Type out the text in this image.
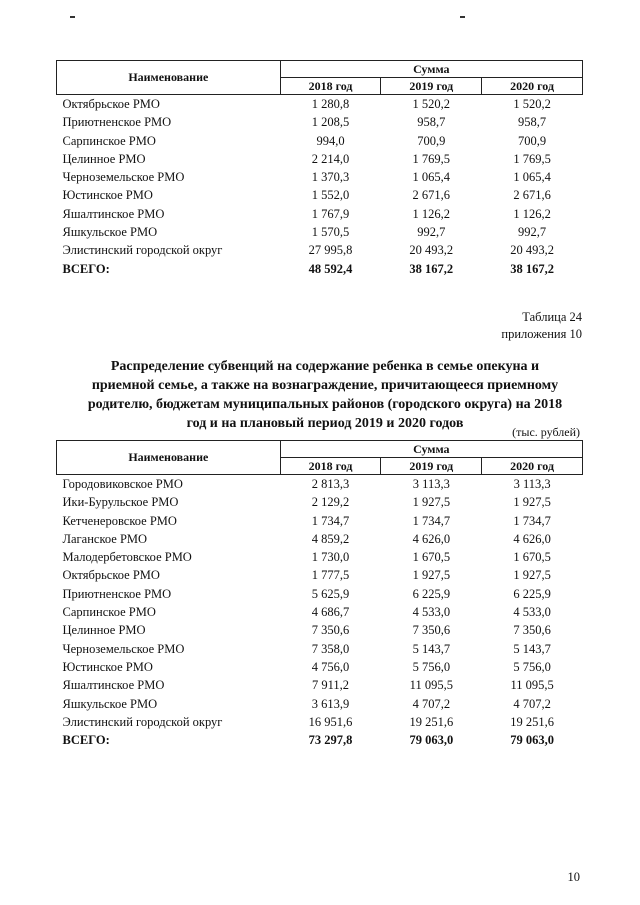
Наименование	Сумма		
	2018 год	2019 год	2020 год
Октябрьское РМО	1 280,8	1 520,2	1 520,2
Приютненское РМО	1 208,5	958,7	958,7
Сарпинское РМО	994,0	700,9	700,9
Целинное РМО	2 214,0	1 769,5	1 769,5
Черноземельское РМО	1 370,3	1 065,4	1 065,4
Юстинское РМО	1 552,0	2 671,6	2 671,6
Яшалтинское РМО	1 767,9	1 126,2	1 126,2
Яшкульское РМО	1 570,5	992,7	992,7
Элистинский городской округ	27 995,8	20 493,2	20 493,2
ВСЕГО:	48 592,4	38 167,2	38 167,2
Таблица 24
приложения 10
Распределение субвенций на содержание ребенка в семье опекуна и
приемной семье, а также на вознаграждение, причитающееся приемному
родителю, бюджетам муниципальных районов (городского округа) на 2018
год и на плановый период 2019 и 2020 годов
(тыс. рублей)
Наименование	Сумма		
	2018 год	2019 год	2020 год
Городовиковское РМО	2 813,3	3 113,3	3 113,3
Ики-Бурульское РМО	2 129,2	1 927,5	1 927,5
Кетченеровское РМО	1 734,7	1 734,7	1 734,7
Лаганское РМО	4 859,2	4 626,0	4 626,0
Малодербетовское РМО	1 730,0	1 670,5	1 670,5
Октябрьское РМО	1 777,5	1 927,5	1 927,5
Приютненское РМО	5 625,9	6 225,9	6 225,9
Сарпинское РМО	4 686,7	4 533,0	4 533,0
Целинное РМО	7 350,6	7 350,6	7 350,6
Черноземельское РМО	7 358,0	5 143,7	5 143,7
Юстинское РМО	4 756,0	5 756,0	5 756,0
Яшалтинское РМО	7 911,2	11 095,5	11 095,5
Яшкульское РМО	3 613,9	4 707,2	4 707,2
Элистинский городской округ	16 951,6	19 251,6	19 251,6
ВСЕГО:	73 297,8	79 063,0	79 063,0
10
